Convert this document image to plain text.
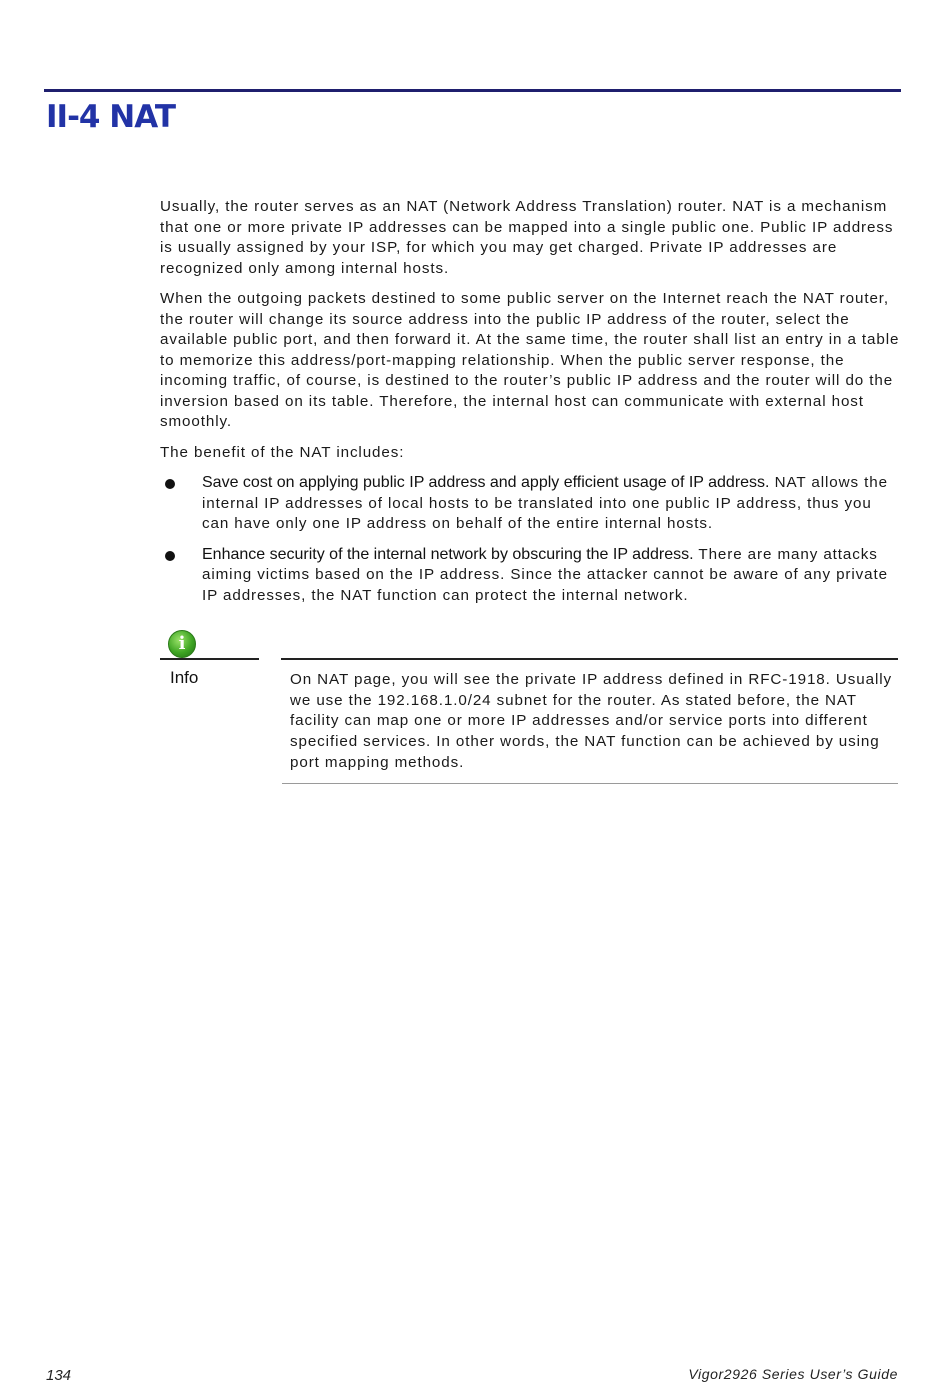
II-4 NAT

Usually, the router serves as an NAT (Network Address Translation) router. NAT is a mechanism that one or more private IP addresses can be mapped into a single public one. Public IP address is usually assigned by your ISP, for which you may get charged. Private IP addresses are recognized only among internal hosts.

When the outgoing packets destined to some public server on the Internet reach the NAT router, the router will change its source address into the public IP address of the router, select the available public port, and then forward it. At the same time, the router shall list an entry in a table to memorize this address/port-mapping relationship. When the public server response, the incoming traffic, of course, is destined to the router’s public IP address and the router will do the inversion based on its table. Therefore, the internal host can communicate with external host smoothly.

The benefit of the NAT includes:

Save cost on applying public IP address and apply efficient usage of IP address. NAT allows the internal IP addresses of local hosts to be translated into one public IP address, thus you can have only one IP address on behalf of the entire internal hosts.
Enhance security of the internal network by obscuring the IP address. There are many attacks aiming victims based on the IP address. Since the attacker cannot be aware of any private IP addresses, the NAT function can protect the internal network.
i
Info	On NAT page, you will see the private IP address defined in RFC-1918. Usually we use the 192.168.1.0/24 subnet for the router. As stated before, the NAT facility can map one or more IP addresses and/or service ports into different specified services. In other words, the NAT function can be achieved by using port mapping methods.
134	Vigor2926 Series User’s Guide
